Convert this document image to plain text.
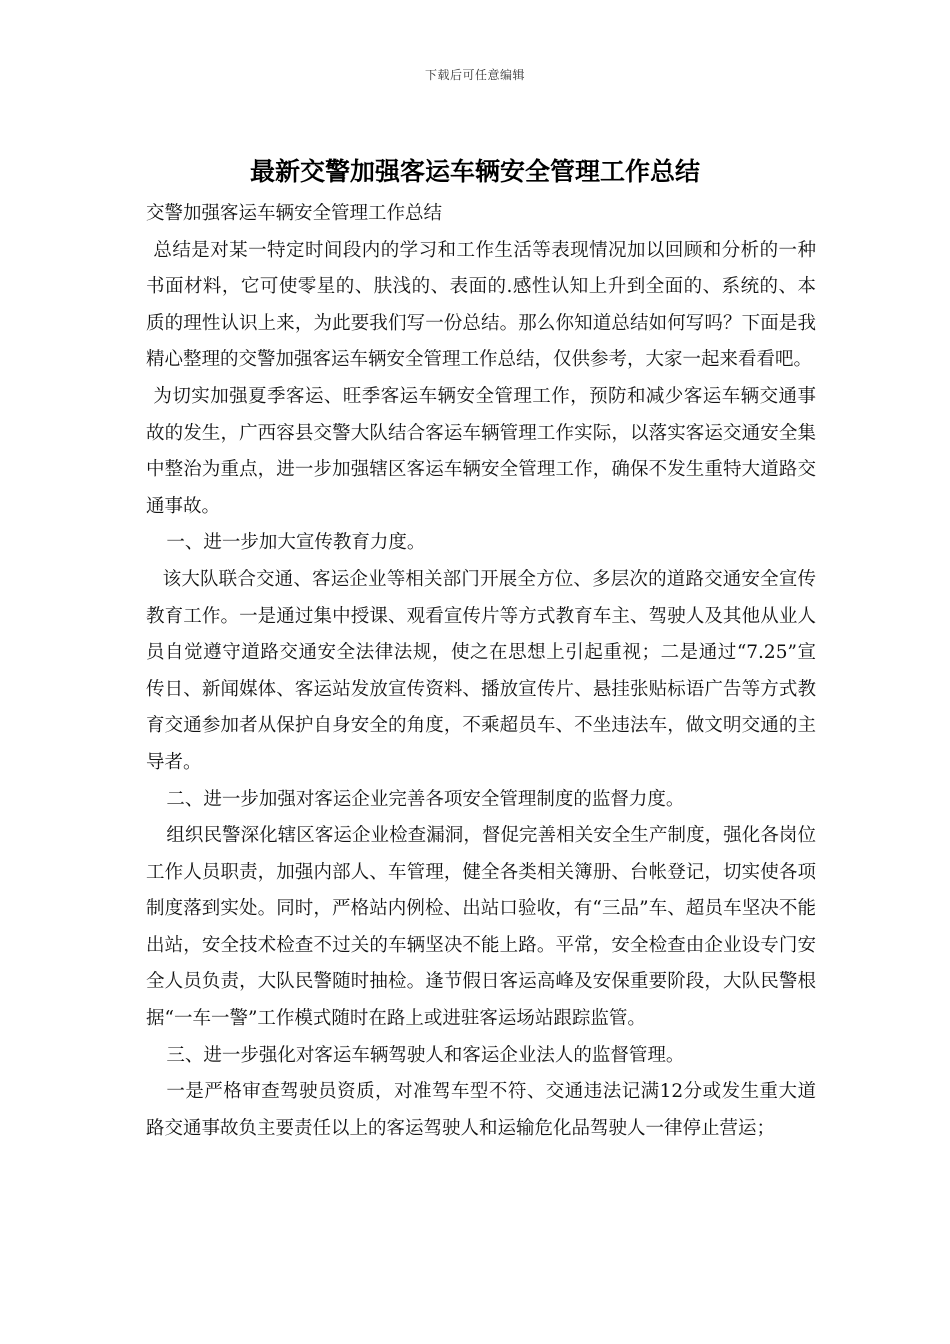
下载后可任意编辑
最新交警加强客运车辆安全管理工作总结

交警加强客运车辆安全管理工作总结

总结是对某一特定时间段内的学习和工作生活等表现情况加以回顾和分析的一种书面材料，它可使零星的、肤浅的、表面的.感性认知上升到全面的、系统的、本质的理性认识上来，为此要我们写一份总结。那么你知道总结如何写吗？下面是我精心整理的交警加强客运车辆安全管理工作总结，仅供参考，大家一起来看看吧。

为切实加强夏季客运、旺季客运车辆安全管理工作，预防和减少客运车辆交通事故的发生，广西容县交警大队结合客运车辆管理工作实际，以落实客运交通安全集中整治为重点，进一步加强辖区客运车辆安全管理工作，确保不发生重特大道路交通事故。

一、进一步加大宣传教育力度。

该大队联合交通、客运企业等相关部门开展全方位、多层次的道路交通安全宣传教育工作。一是通过集中授课、观看宣传片等方式教育车主、驾驶人及其他从业人员自觉遵守道路交通安全法律法规，使之在思想上引起重视；二是通过“7.25”宣传日、新闻媒体、客运站发放宣传资料、播放宣传片、悬挂张贴标语广告等方式教育交通参加者从保护自身安全的角度，不乘超员车、不坐违法车，做文明交通的主导者。

二、进一步加强对客运企业完善各项安全管理制度的监督力度。

组织民警深化辖区客运企业检查漏洞，督促完善相关安全生产制度，强化各岗位工作人员职责，加强内部人、车管理，健全各类相关簿册、台帐登记，切实使各项制度落到实处。同时，严格站内例检、出站口验收，有“三品”车、超员车坚决不能出站，安全技术检查不过关的车辆坚决不能上路。平常，安全检查由企业设专门安全人员负责，大队民警随时抽检。逢节假日客运高峰及安保重要阶段，大队民警根据“一车一警”工作模式随时在路上或进驻客运场站跟踪监管。

三、进一步强化对客运车辆驾驶人和客运企业法人的监督管理。

一是严格审查驾驶员资质，对准驾车型不符、交通违法记满12分或发生重大道路交通事故负主要责任以上的客运驾驶人和运输危化品驾驶人一律停止营运；
